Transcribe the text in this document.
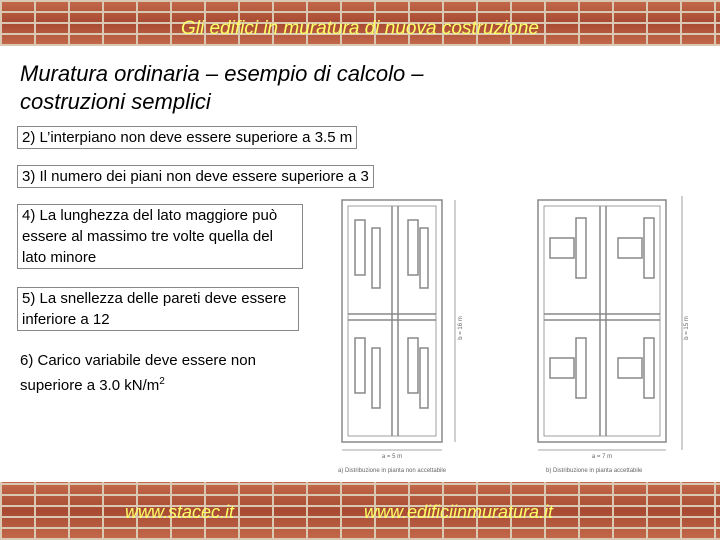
Gli edifici in muratura di nuova costruzione
Muratura ordinaria – esempio di calcolo – costruzioni semplici
2) L’interpiano non deve essere superiore a 3.5 m
3) Il numero dei piani non deve essere superiore a 3
4) La lunghezza del lato maggiore può essere al massimo tre volte quella del lato minore
5) La snellezza delle pareti deve essere inferiore a 12
6) Carico variabile deve essere non superiore a 3.0 $kN/m^2$
a = 5 m
b = 16 m
a) Distribuzione in pianta non accettabile
a = 7 m
b = 15 m
b) Distribuzione in pianta accettabile
www.stacec.it	www.edificiinmuratura.it
